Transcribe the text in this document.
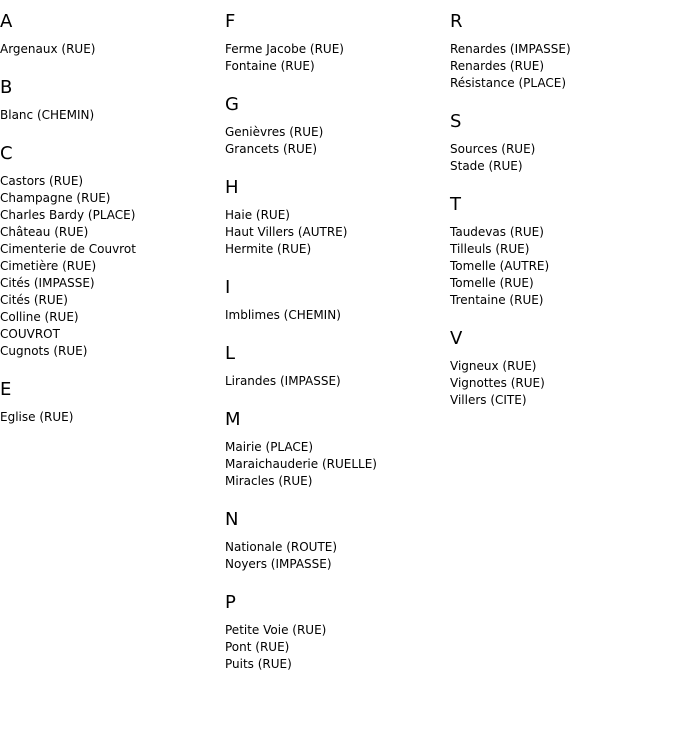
A
Argenaux (RUE)
B
Blanc (CHEMIN)
C
Castors (RUE)
Champagne (RUE)
Charles Bardy (PLACE)
Château (RUE)
Cimenterie de Couvrot
Cimetière (RUE)
Cités (IMPASSE)
Cités (RUE)
Colline (RUE)
COUVROT
Cugnots (RUE)
E
Eglise (RUE)
F
Ferme Jacobe (RUE)
Fontaine (RUE)
G
Genièvres (RUE)
Grancets (RUE)
H
Haie (RUE)
Haut Villers (AUTRE)
Hermite (RUE)
I
Imblimes (CHEMIN)
L
Lirandes (IMPASSE)
M
Mairie (PLACE)
Maraichauderie (RUELLE)
Miracles (RUE)
N
Nationale (ROUTE)
Noyers (IMPASSE)
P
Petite Voie (RUE)
Pont (RUE)
Puits (RUE)
R
Renardes (IMPASSE)
Renardes (RUE)
Résistance (PLACE)
S
Sources (RUE)
Stade (RUE)
T
Taudevas (RUE)
Tilleuls (RUE)
Tomelle (AUTRE)
Tomelle (RUE)
Trentaine (RUE)
V
Vigneux (RUE)
Vignottes (RUE)
Villers (CITE)
